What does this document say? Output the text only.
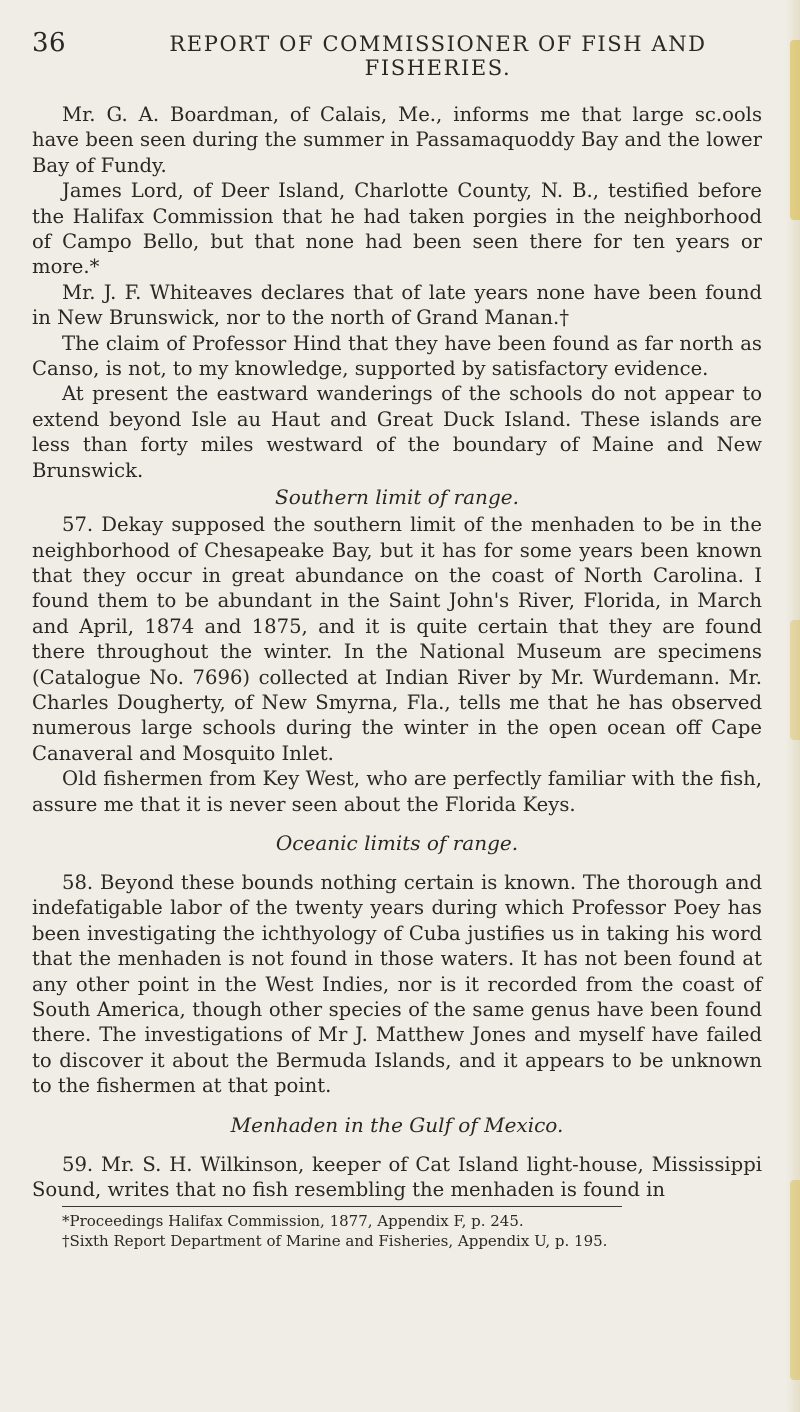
36	REPORT OF COMMISSIONER OF FISH AND FISHERIES.

Mr. G. A. Boardman, of Calais, Me., informs me that large sc.ools have been seen during the summer in Passamaquoddy Bay and the lower Bay of Fundy.

James Lord, of Deer Island, Charlotte County, N. B., testified before the Halifax Commission that he had taken porgies in the neighborhood of Campo Bello, but that none had been seen there for ten years or more.*

Mr. J. F. Whiteaves declares that of late years none have been found in New Brunswick, nor to the north of Grand Manan.†

The claim of Professor Hind that they have been found as far north as Canso, is not, to my knowledge, supported by satisfactory evidence.

At present the eastward wanderings of the schools do not appear to extend beyond Isle au Haut and Great Duck Island. These islands are less than forty miles westward of the boundary of Maine and New Brunswick.

Southern limit of range.

57. Dekay supposed the southern limit of the menhaden to be in the neighborhood of Chesapeake Bay, but it has for some years been known that they occur in great abundance on the coast of North Carolina. I found them to be abundant in the Saint John's River, Florida, in March and April, 1874 and 1875, and it is quite certain that they are found there throughout the winter. In the National Museum are specimens (Catalogue No. 7696) collected at Indian River by Mr. Wurdemann. Mr. Charles Dougherty, of New Smyrna, Fla., tells me that he has observed numerous large schools during the winter in the open ocean off Cape Canaveral and Mosquito Inlet.

Old fishermen from Key West, who are perfectly familiar with the fish, assure me that it is never seen about the Florida Keys.

Oceanic limits of range.

58. Beyond these bounds nothing certain is known. The thorough and indefatigable labor of the twenty years during which Professor Poey has been investigating the ichthyology of Cuba justifies us in taking his word that the menhaden is not found in those waters. It has not been found at any other point in the West Indies, nor is it recorded from the coast of South America, though other species of the same genus have been found there. The investigations of Mr J. Matthew Jones and myself have failed to discover it about the Bermuda Islands, and it appears to be unknown to the fishermen at that point.

Menhaden in the Gulf of Mexico.

59. Mr. S. H. Wilkinson, keeper of Cat Island light-house, Mississippi Sound, writes that no fish resembling the menhaden is found in

*Proceedings Halifax Commission, 1877, Appendix F, p. 245.

†Sixth Report Department of Marine and Fisheries, Appendix U, p. 195.
